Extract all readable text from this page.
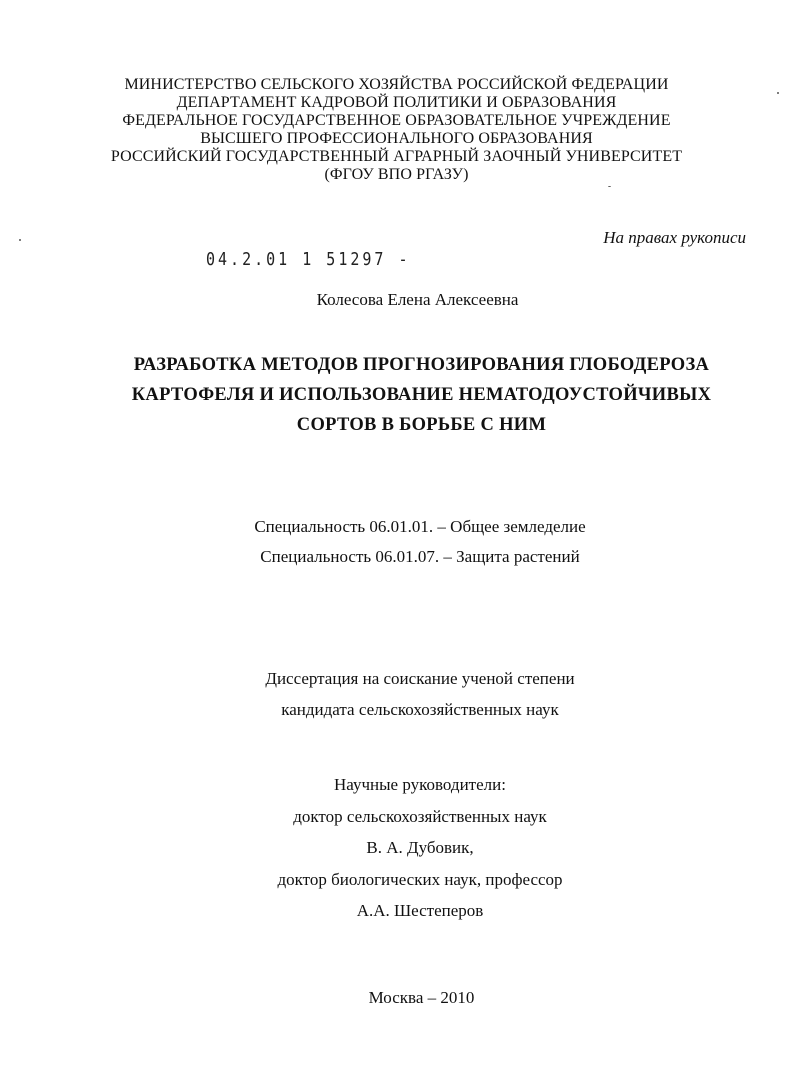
МИНИСТЕРСТВО СЕЛЬСКОГО ХОЗЯЙСТВА РОССИЙСКОЙ ФЕДЕРАЦИИ
ДЕПАРТАМЕНТ КАДРОВОЙ ПОЛИТИКИ И ОБРАЗОВАНИЯ
ФЕДЕРАЛЬНОЕ ГОСУДАРСТВЕННОЕ ОБРАЗОВАТЕЛЬНОЕ УЧРЕЖДЕНИЕ
ВЫСШЕГО ПРОФЕССИОНАЛЬНОГО ОБРАЗОВАНИЯ
РОССИЙСКИЙ ГОСУДАРСТВЕННЫЙ АГРАРНЫЙ ЗАОЧНЫЙ УНИВЕРСИТЕТ
(ФГОУ ВПО РГАЗУ)
На правах рукописи
04.2.01 1 51297 -
Колесова Елена Алексеевна
РАЗРАБОТКА МЕТОДОВ ПРОГНОЗИРОВАНИЯ ГЛОБОДЕРОЗА
КАРТОФЕЛЯ И ИСПОЛЬЗОВАНИЕ НЕМАТОДОУСТОЙЧИВЫХ
СОРТОВ В БОРЬБЕ С НИМ
Специальность 06.01.01. – Общее земледелие
Специальность 06.01.07. – Защита растений
Диссертация на соискание ученой степени
кандидата сельскохозяйственных наук
Научные руководители:
доктор сельскохозяйственных наук
В. А. Дубовик,
доктор биологических наук, профессор
А.А. Шестеперов
Москва – 2010
